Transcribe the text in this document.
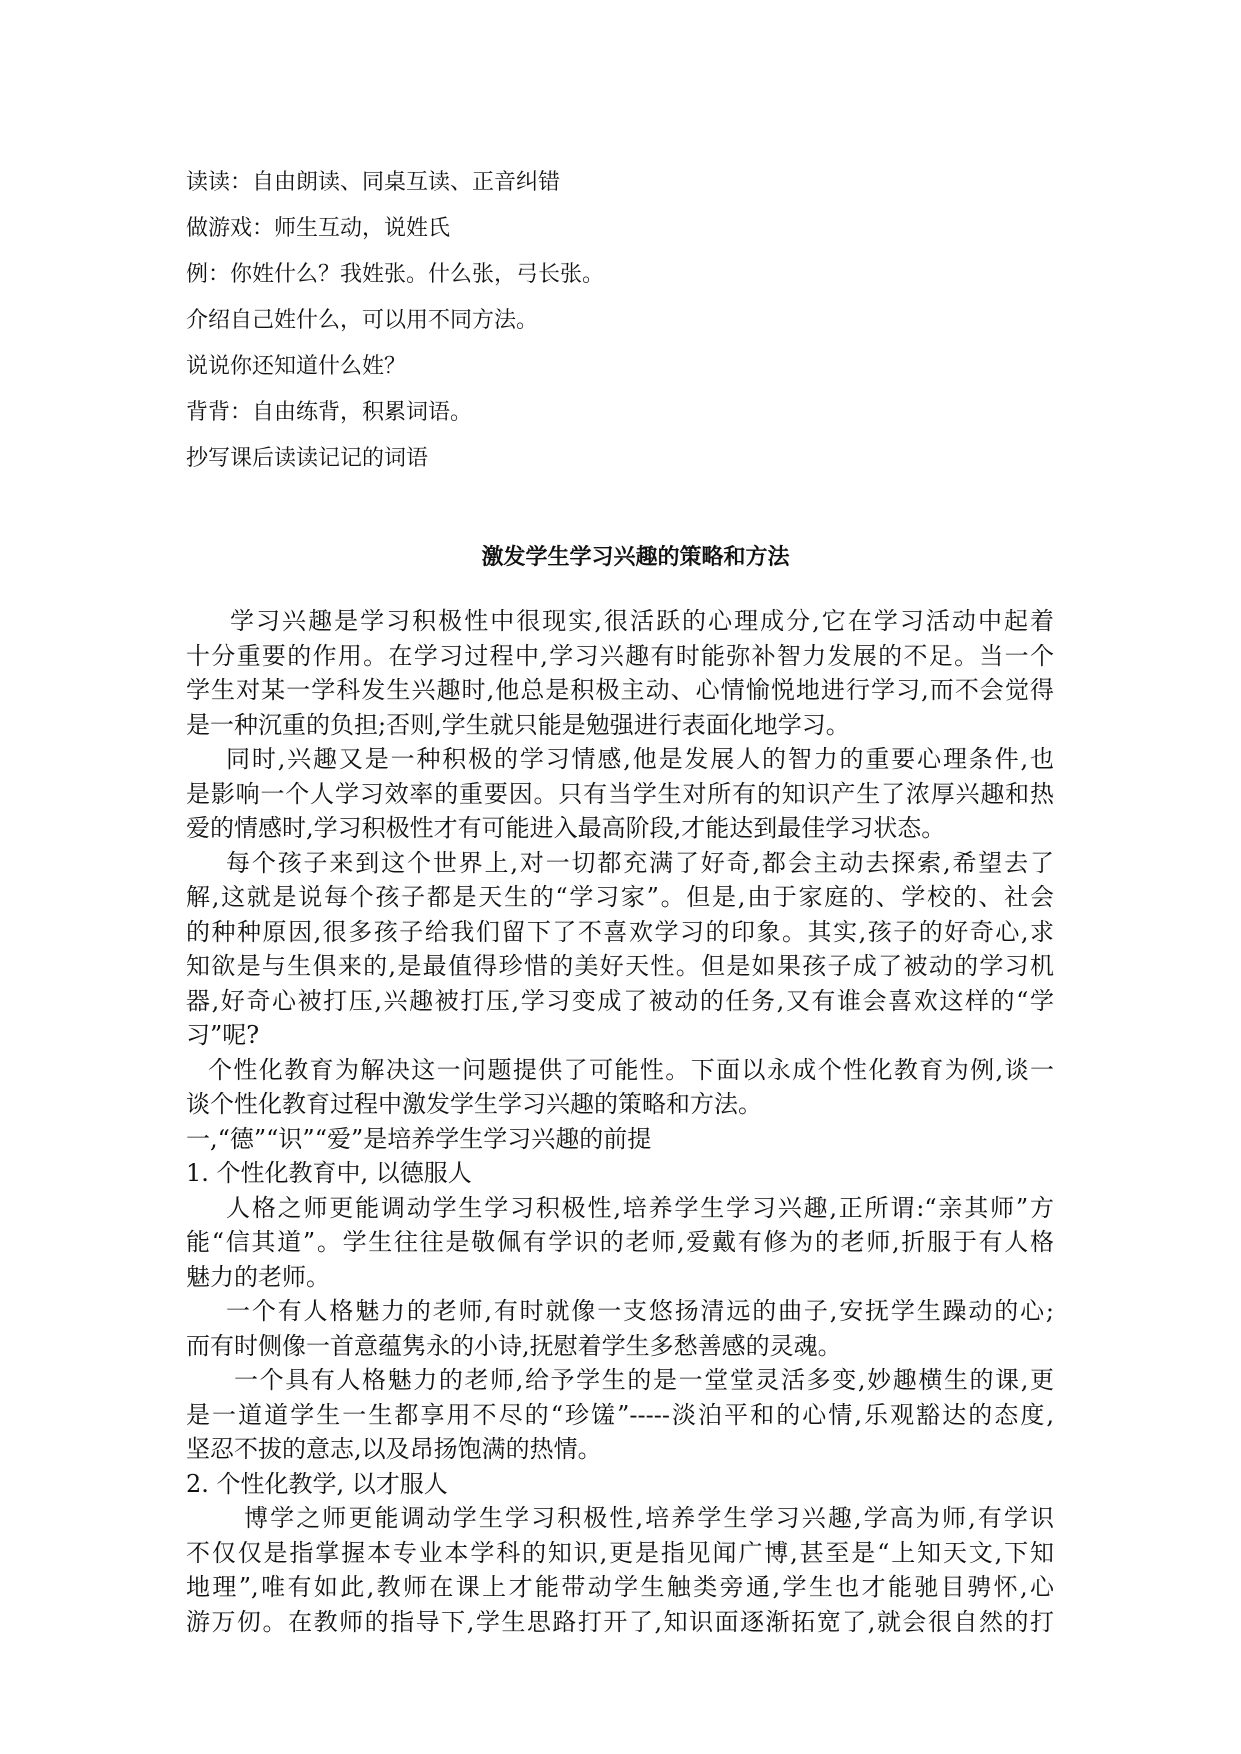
读读：自由朗读、同桌互读、正音纠错

做游戏：师生互动，说姓氏

例：你姓什么？我姓张。什么张，弓长张。

介绍自己姓什么，可以用不同方法。

说说你还知道什么姓？

背背：自由练背，积累词语。

抄写课后读读记记的词语

激发学生学习兴趣的策略和方法

学习兴趣是学习积极性中很现实,很活跃的心理成分,它在学习活动中起着

十分重要的作用。在学习过程中,学习兴趣有时能弥补智力发展的不足。当一个

学生对某一学科发生兴趣时,他总是积极主动、心情愉悦地进行学习,而不会觉得

是一种沉重的负担;否则,学生就只能是勉强进行表面化地学习。

同时,兴趣又是一种积极的学习情感,他是发展人的智力的重要心理条件,也

是影响一个人学习效率的重要因。只有当学生对所有的知识产生了浓厚兴趣和热

爱的情感时,学习积极性才有可能进入最高阶段,才能达到最佳学习状态。

每个孩子来到这个世界上,对一切都充满了好奇,都会主动去探索,希望去了

解,这就是说每个孩子都是天生的“学习家”。但是,由于家庭的、学校的、社会

的种种原因,很多孩子给我们留下了不喜欢学习的印象。其实,孩子的好奇心,求

知欲是与生俱来的,是最值得珍惜的美好天性。但是如果孩子成了被动的学习机

器,好奇心被打压,兴趣被打压,学习变成了被动的任务,又有谁会喜欢这样的“学

习”呢?

个性化教育为解决这一问题提供了可能性。下面以永成个性化教育为例,谈一

谈个性化教育过程中激发学生学习兴趣的策略和方法。

一,“德”“识”“爱”是培养学生学习兴趣的前提

1. 个性化教育中, 以德服人

人格之师更能调动学生学习积极性,培养学生学习兴趣,正所谓:“亲其师”方

能“信其道”。学生往往是敬佩有学识的老师,爱戴有修为的老师,折服于有人格

魅力的老师。

一个有人格魅力的老师,有时就像一支悠扬清远的曲子,安抚学生躁动的心;

而有时侧像一首意蕴隽永的小诗,抚慰着学生多愁善感的灵魂。

一个具有人格魅力的老师,给予学生的是一堂堂灵活多变,妙趣横生的课,更

是一道道学生一生都享用不尽的“珍馐”-----淡泊平和的心情,乐观豁达的态度,

坚忍不拔的意志,以及昂扬饱满的热情。

2. 个性化教学, 以才服人

博学之师更能调动学生学习积极性,培养学生学习兴趣,学高为师,有学识

不仅仅是指掌握本专业本学科的知识,更是指见闻广博,甚至是“上知天文,下知

地理”,唯有如此,教师在课上才能带动学生触类旁通,学生也才能驰目骋怀,心

游万仞。在教师的指导下,学生思路打开了,知识面逐渐拓宽了,就会很自然的打
